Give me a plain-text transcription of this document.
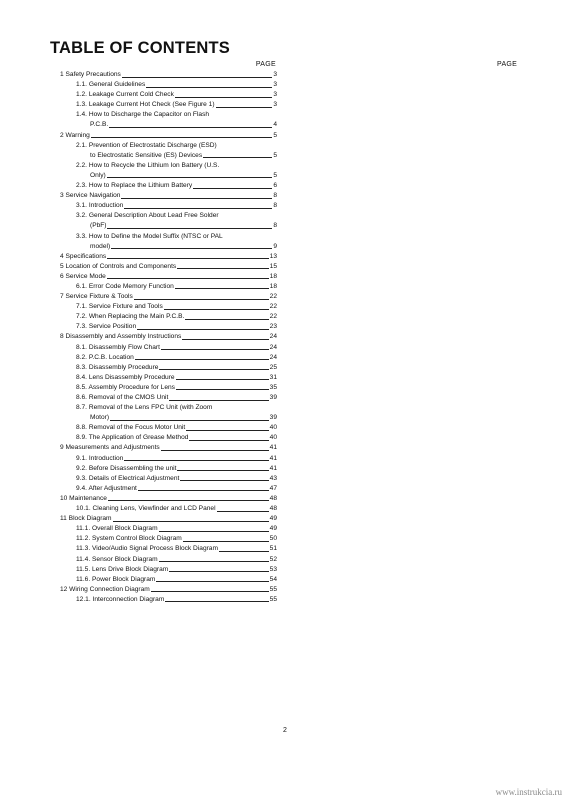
TABLE OF CONTENTS
PAGE	PAGE
1 Safety Precautions	3
1.1. General Guidelines	3
1.2. Leakage Current Cold Check	3
1.3. Leakage Current Hot Check (See Figure 1)	3
1.4. How to Discharge the Capacitor on Flash
P.C.B.	4
2 Warning	5
2.1. Prevention of Electrostatic Discharge (ESD)
to Electrostatic Sensitive (ES) Devices	5
2.2. How to Recycle the Lithium Ion Battery (U.S.
Only)	5
2.3. How to Replace the Lithium Battery	6
3 Service Navigation	8
3.1. Introduction	8
3.2. General Description About Lead Free Solder
(PbF)	8
3.3. How to Define the Model Suffix (NTSC or PAL
model)	9
4 Specifications	13
5 Location of Controls and Components	15
6 Service Mode	18
6.1. Error Code Memory Function	18
7 Service Fixture & Tools	22
7.1. Service Fixture and Tools	22
7.2. When Replacing the Main P.C.B.	22
7.3. Service Position	23
8 Disassembly and Assembly Instructions	24
8.1. Disassembly Flow Chart	24
8.2. P.C.B. Location	24
8.3. Disassembly Procedure	25
8.4. Lens Disassembly Procedure	31
8.5. Assembly Procedure for Lens	35
8.6. Removal of the CMOS Unit	39
8.7. Removal of the Lens FPC Unit (with Zoom
Motor)	39
8.8. Removal of the Focus Motor Unit	40
8.9. The Application of Grease Method	40
9 Measurements and Adjustments	41
9.1. Introduction	41
9.2. Before Disassembling the unit	41
9.3. Details of Electrical Adjustment	43
9.4. After Adjustment	47
10 Maintenance	48
10.1. Cleaning Lens, Viewfinder and LCD Panel	48
11 Block Diagram	49
11.1. Overall Block Diagram	49
11.2. System Control Block Diagram	50
11.3. Video/Audio Signal Process Block Diagram	51
11.4. Sensor Block Diagram	52
11.5. Lens Drive Block Diagram	53
11.6. Power Block Diagram	54
12 Wiring Connection Diagram	55
12.1. Interconnection Diagram	55
2
www.instrukcia.ru
